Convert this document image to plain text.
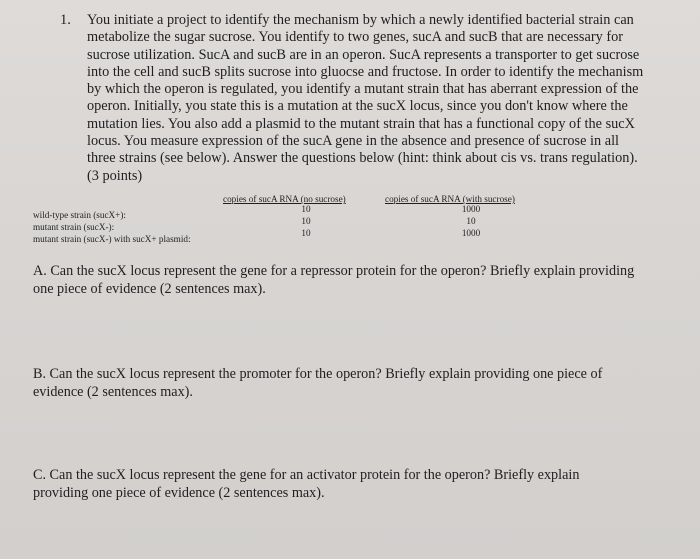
1. You initiate a project to identify the mechanism by which a newly identified bacterial strain can

metabolize the sugar sucrose. You identify to two genes, sucA and sucB that are necessary for

sucrose utilization. SucA and sucB are in an operon. SucA represents a transporter to get sucrose

into the cell and sucB splits sucrose into gluocse and fructose. In order to identify the mechanism

by which the operon is regulated, you identify a mutant strain that has aberrant expression of the

operon. Initially, you state this is a mutation at the sucX locus, since you don't know where the

mutation lies. You also add a plasmid to the mutant strain that has a functional copy of the sucX

locus. You measure expression of the sucA gene in the absence and presence of sucrose in all

three strains (see below). Answer the questions below (hint: think about cis vs. trans regulation).

(3 points)

copies of sucA RNA (no sucrose)	copies of sucA RNA (with sucrose)
wild-type strain (sucX+):
10	1000
mutant strain (sucX-):
10	10
mutant strain (sucX-) with sucX+ plasmid:
10	1000

A. Can the sucX locus represent the gene for a repressor protein for the operon? Briefly explain providing

one piece of evidence (2 sentences max).

B. Can the sucX locus represent the promoter for the operon? Briefly explain providing one piece of

evidence (2 sentences max).

C. Can the sucX locus represent the gene for an activator protein for the operon? Briefly explain

providing one piece of evidence (2 sentences max).
